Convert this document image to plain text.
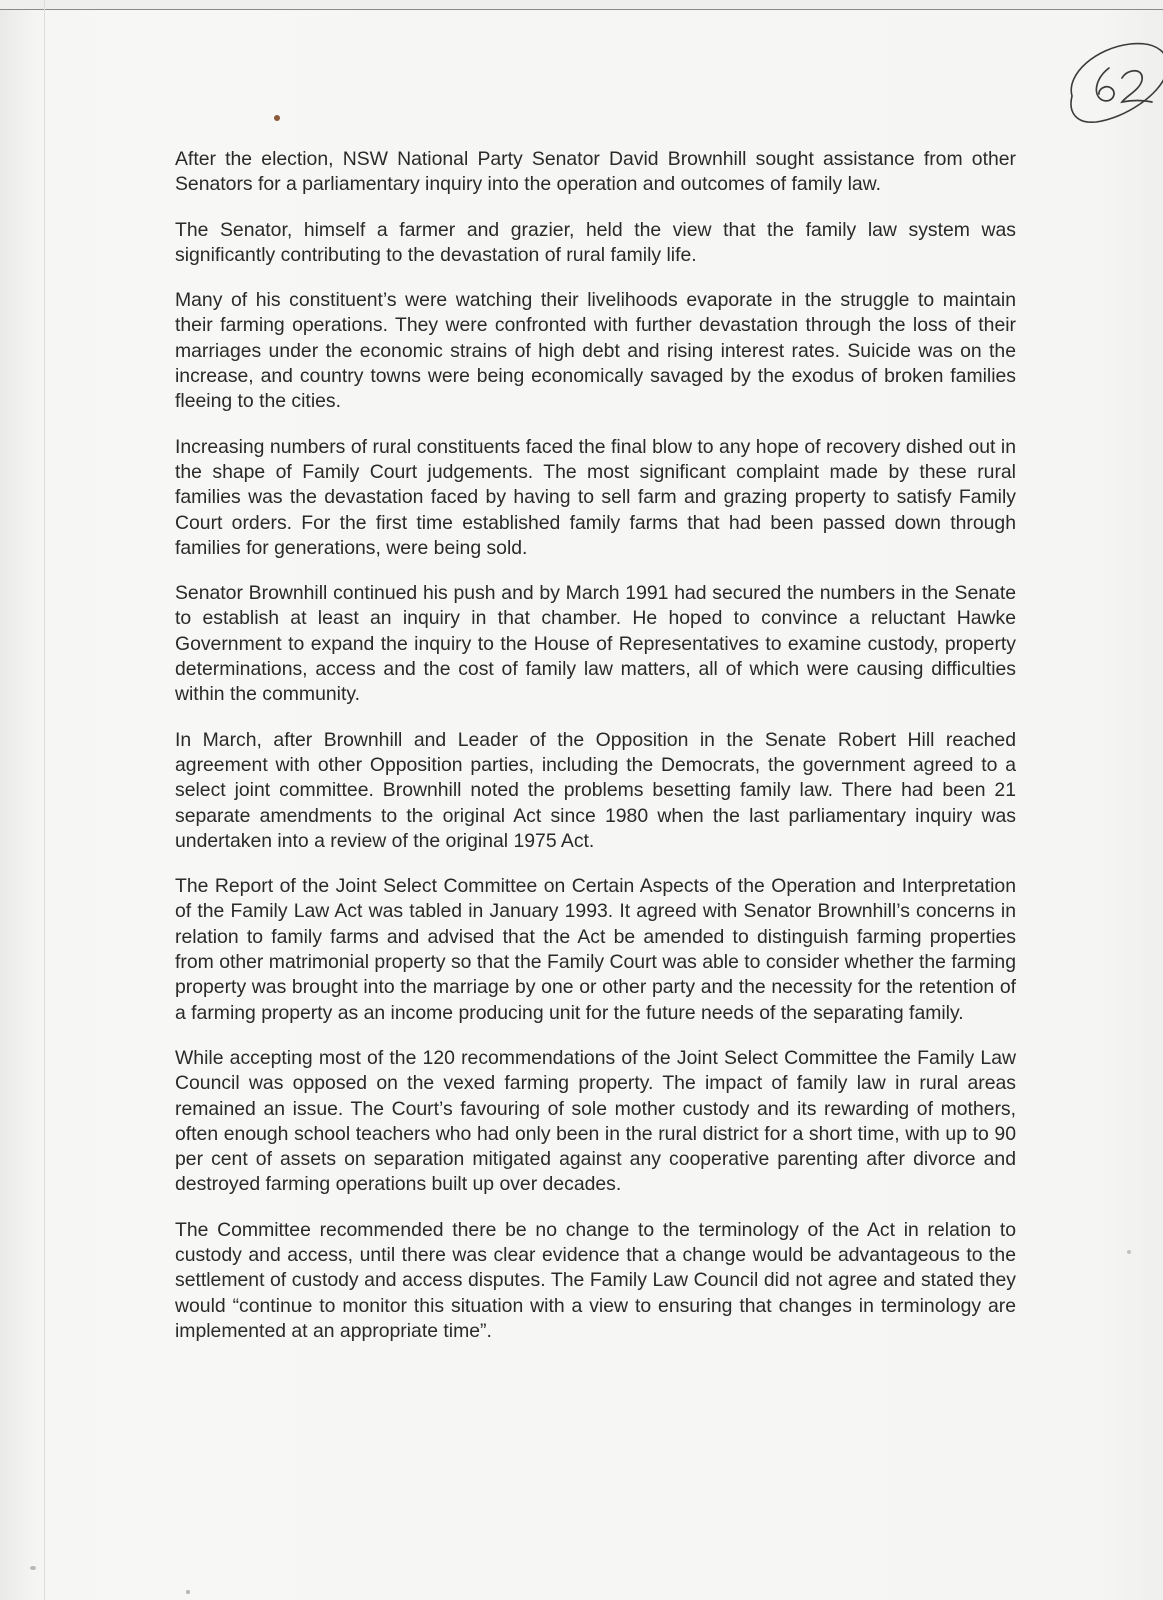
After the election, NSW National Party Senator David Brownhill sought assistance from other Senators for a parliamentary inquiry into the operation and outcomes of family law.

The Senator, himself a farmer and grazier, held the view that the family law system was significantly contributing to the devastation of rural family life.

Many of his constituent’s were watching their livelihoods evaporate in the struggle to maintain their farming operations. They were confronted with further devastation through the loss of their marriages under the economic strains of high debt and rising interest rates. Suicide was on the increase, and country towns were being economically savaged by the exodus of broken families fleeing to the cities.

Increasing numbers of rural constituents faced the final blow to any hope of recovery dished out in the shape of Family Court judgements. The most significant complaint made by these rural families was the devastation faced by having to sell farm and grazing property to satisfy Family Court orders. For the first time established family farms that had been passed down through families for generations, were being sold.

Senator Brownhill continued his push and by March 1991 had secured the numbers in the Senate to establish at least an inquiry in that chamber. He hoped to convince a reluctant Hawke Government to expand the inquiry to the House of Representatives to examine custody, property determinations, access and the cost of family law matters, all of which were causing difficulties within the community.

In March, after Brownhill and Leader of the Opposition in the Senate Robert Hill reached agreement with other Opposition parties, including the Democrats, the government agreed to a select joint committee. Brownhill noted the problems besetting family law. There had been 21 separate amendments to the original Act since 1980 when the last parliamentary inquiry was undertaken into a review of the original 1975 Act.

The Report of the Joint Select Committee on Certain Aspects of the Operation and Interpretation of the Family Law Act was tabled in January 1993. It agreed with Senator Brownhill’s concerns in relation to family farms and advised that the Act be amended to distinguish farming properties from other matrimonial property so that the Family Court was able to consider whether the farming property was brought into the marriage by one or other party and the necessity for the retention of a farming property as an income producing unit for the future needs of the separating family.

While accepting most of the 120 recommendations of the Joint Select Committee the Family Law Council was opposed on the vexed farming property. The impact of family law in rural areas remained an issue. The Court’s favouring of sole mother custody and its rewarding of mothers, often enough school teachers who had only been in the rural district for a short time, with up to 90 per cent of assets on separation mitigated against any cooperative parenting after divorce and destroyed farming operations built up over decades.

The Committee recommended there be no change to the terminology of the Act in relation to custody and access, until there was clear evidence that a change would be advantageous to the settlement of custody and access disputes. The Family Law Council did not agree and stated they would “continue to monitor this situation with a view to ensuring that changes in terminology are implemented at an appropriate time”.
